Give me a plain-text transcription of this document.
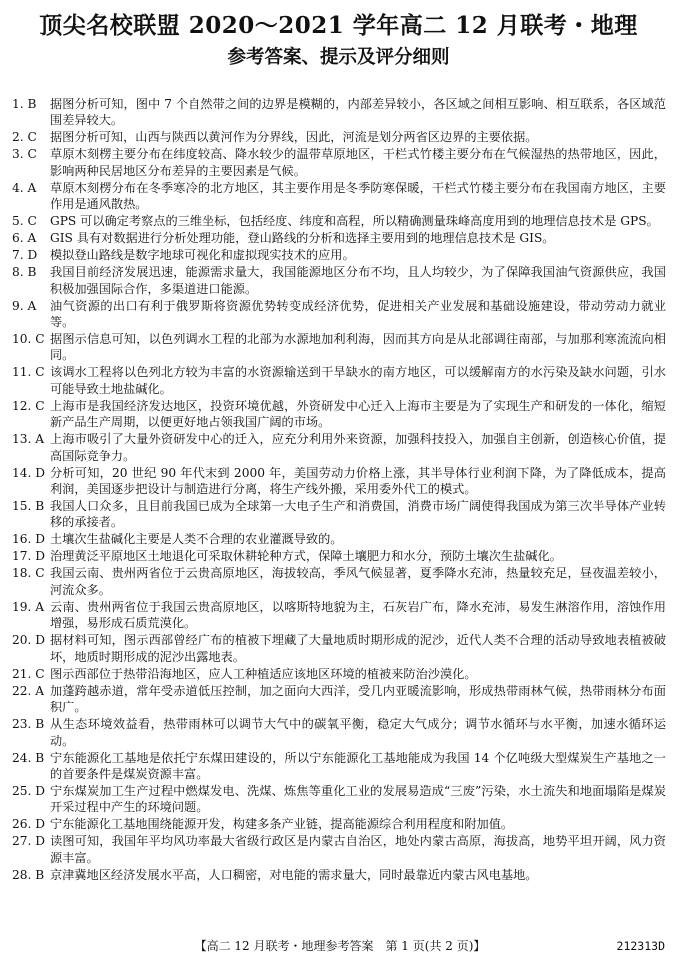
顶尖名校联盟 2020～2021 学年高二 12 月联考・地理
参考答案、提示及评分细则
1. B	据图分析可知，图中 7 个自然带之间的边界是模糊的，内部差异较小，各区域之间相互影响、相互联系，各区域范围差异较大。
2. C	据图分析可知，山西与陕西以黄河作为分界线，因此，河流是划分两省区边界的主要依据。
3. C	草原木刻楞主要分布在纬度较高、降水较少的温带草原地区，干栏式竹楼主要分布在气候湿热的热带地区，因此，影响两种民居地区分布差异的主要因素是气候。
4. A	草原木刻楞分布在冬季寒冷的北方地区，其主要作用是冬季防寒保暖，干栏式竹楼主要分布在我国南方地区，主要作用是通风散热。
5. C	GPS 可以确定考察点的三维坐标，包括经度、纬度和高程，所以精确测量珠峰高度用到的地理信息技术是 GPS。
6. A	GIS 具有对数据进行分析处理功能，登山路线的分析和选择主要用到的地理信息技术是 GIS。
7. D	模拟登山路线是数字地球可视化和虚拟现实技术的应用。
8. B	我国目前经济发展迅速，能源需求量大，我国能源地区分布不均，且人均较少，为了保障我国油气资源供应，我国积极加强国际合作，多渠道进口能源。
9. A	油气资源的出口有利于俄罗斯将资源优势转变成经济优势，促进相关产业发展和基础设施建设，带动劳动力就业等。
10. C 据图示信息可知，以色列调水工程的北部为水源地加利利海，因而其方向是从北部调往南部，与加那利寒流流向相同。
11. C 该调水工程将以色列北方较为丰富的水资源输送到干旱缺水的南方地区，可以缓解南方的水污染及缺水问题，引水可能导致土地盐碱化。
12. C 上海市是我国经济发达地区，投资环境优越，外资研发中心迁入上海市主要是为了实现生产和研发的一体化，缩短新产品生产周期，以便更好地占领我国广阔的市场。
13. A 上海市吸引了大量外资研发中心的迁入，应充分利用外来资源，加强科技投入，加强自主创新，创造核心价值，提高国际竞争力。
14. D 分析可知，20 世纪 90 年代末到 2000 年，美国劳动力价格上涨，其半导体行业利润下降，为了降低成本，提高利润，美国逐步把设计与制造进行分离，将生产线外搬，采用委外代工的模式。
15. B 我国人口众多，且目前我国已成为全球第一大电子生产和消费国，消费市场广阔使得我国成为第三次半导体产业转移的承接者。
16. D 土壤次生盐碱化主要是人类不合理的农业灌溉导致的。
17. D 治理黄泛平原地区土地退化可采取休耕轮种方式，保障土壤肥力和水分，预防土壤次生盐碱化。
18. C 我国云南、贵州两省位于云贵高原地区，海拔较高，季风气候显著，夏季降水充沛，热量较充足，昼夜温差较小，河流众多。
19. A 云南、贵州两省位于我国云贵高原地区，以喀斯特地貌为主，石灰岩广布，降水充沛，易发生淋溶作用，溶蚀作用增强，易形成石质荒漠化。
20. D 据材料可知，图示西部曾经广布的植被下埋藏了大量地质时期形成的泥沙，近代人类不合理的活动导致地表植被破坏，地质时期形成的泥沙出露地表。
21. C 图示西部位于热带沿海地区，应人工种植适应该地区环境的植被来防治沙漠化。
22. A 加蓬跨越赤道，常年受赤道低压控制，加之面向大西洋，受几内亚暖流影响，形成热带雨林气候，热带雨林分布面积广。
23. B 从生态环境效益看，热带雨林可以调节大气中的碳氧平衡，稳定大气成分；调节水循环与水平衡，加速水循环运动。
24. B 宁东能源化工基地是依托宁东煤田建设的，所以宁东能源化工基地能成为我国 14 个亿吨级大型煤炭生产基地之一的首要条件是煤炭资源丰富。
25. D 宁东煤炭加工生产过程中燃煤发电、洗煤、炼焦等重化工业的发展易造成“三废”污染，水土流失和地面塌陷是煤炭开采过程中产生的环境问题。
26. D 宁东能源化工基地围绕能源开发，构建多条产业链，提高能源综合利用程度和附加值。
27. D 读图可知，我国年平均风功率最大省级行政区是内蒙古自治区，地处内蒙古高原，海拔高，地势平坦开阔，风力资源丰富。
28. B 京津冀地区经济发展水平高，人口稠密，对电能的需求量大，同时最靠近内蒙古风电基地。
【高二 12 月联考・地理参考答案　第 1 页(共 2 页)】	212313D
